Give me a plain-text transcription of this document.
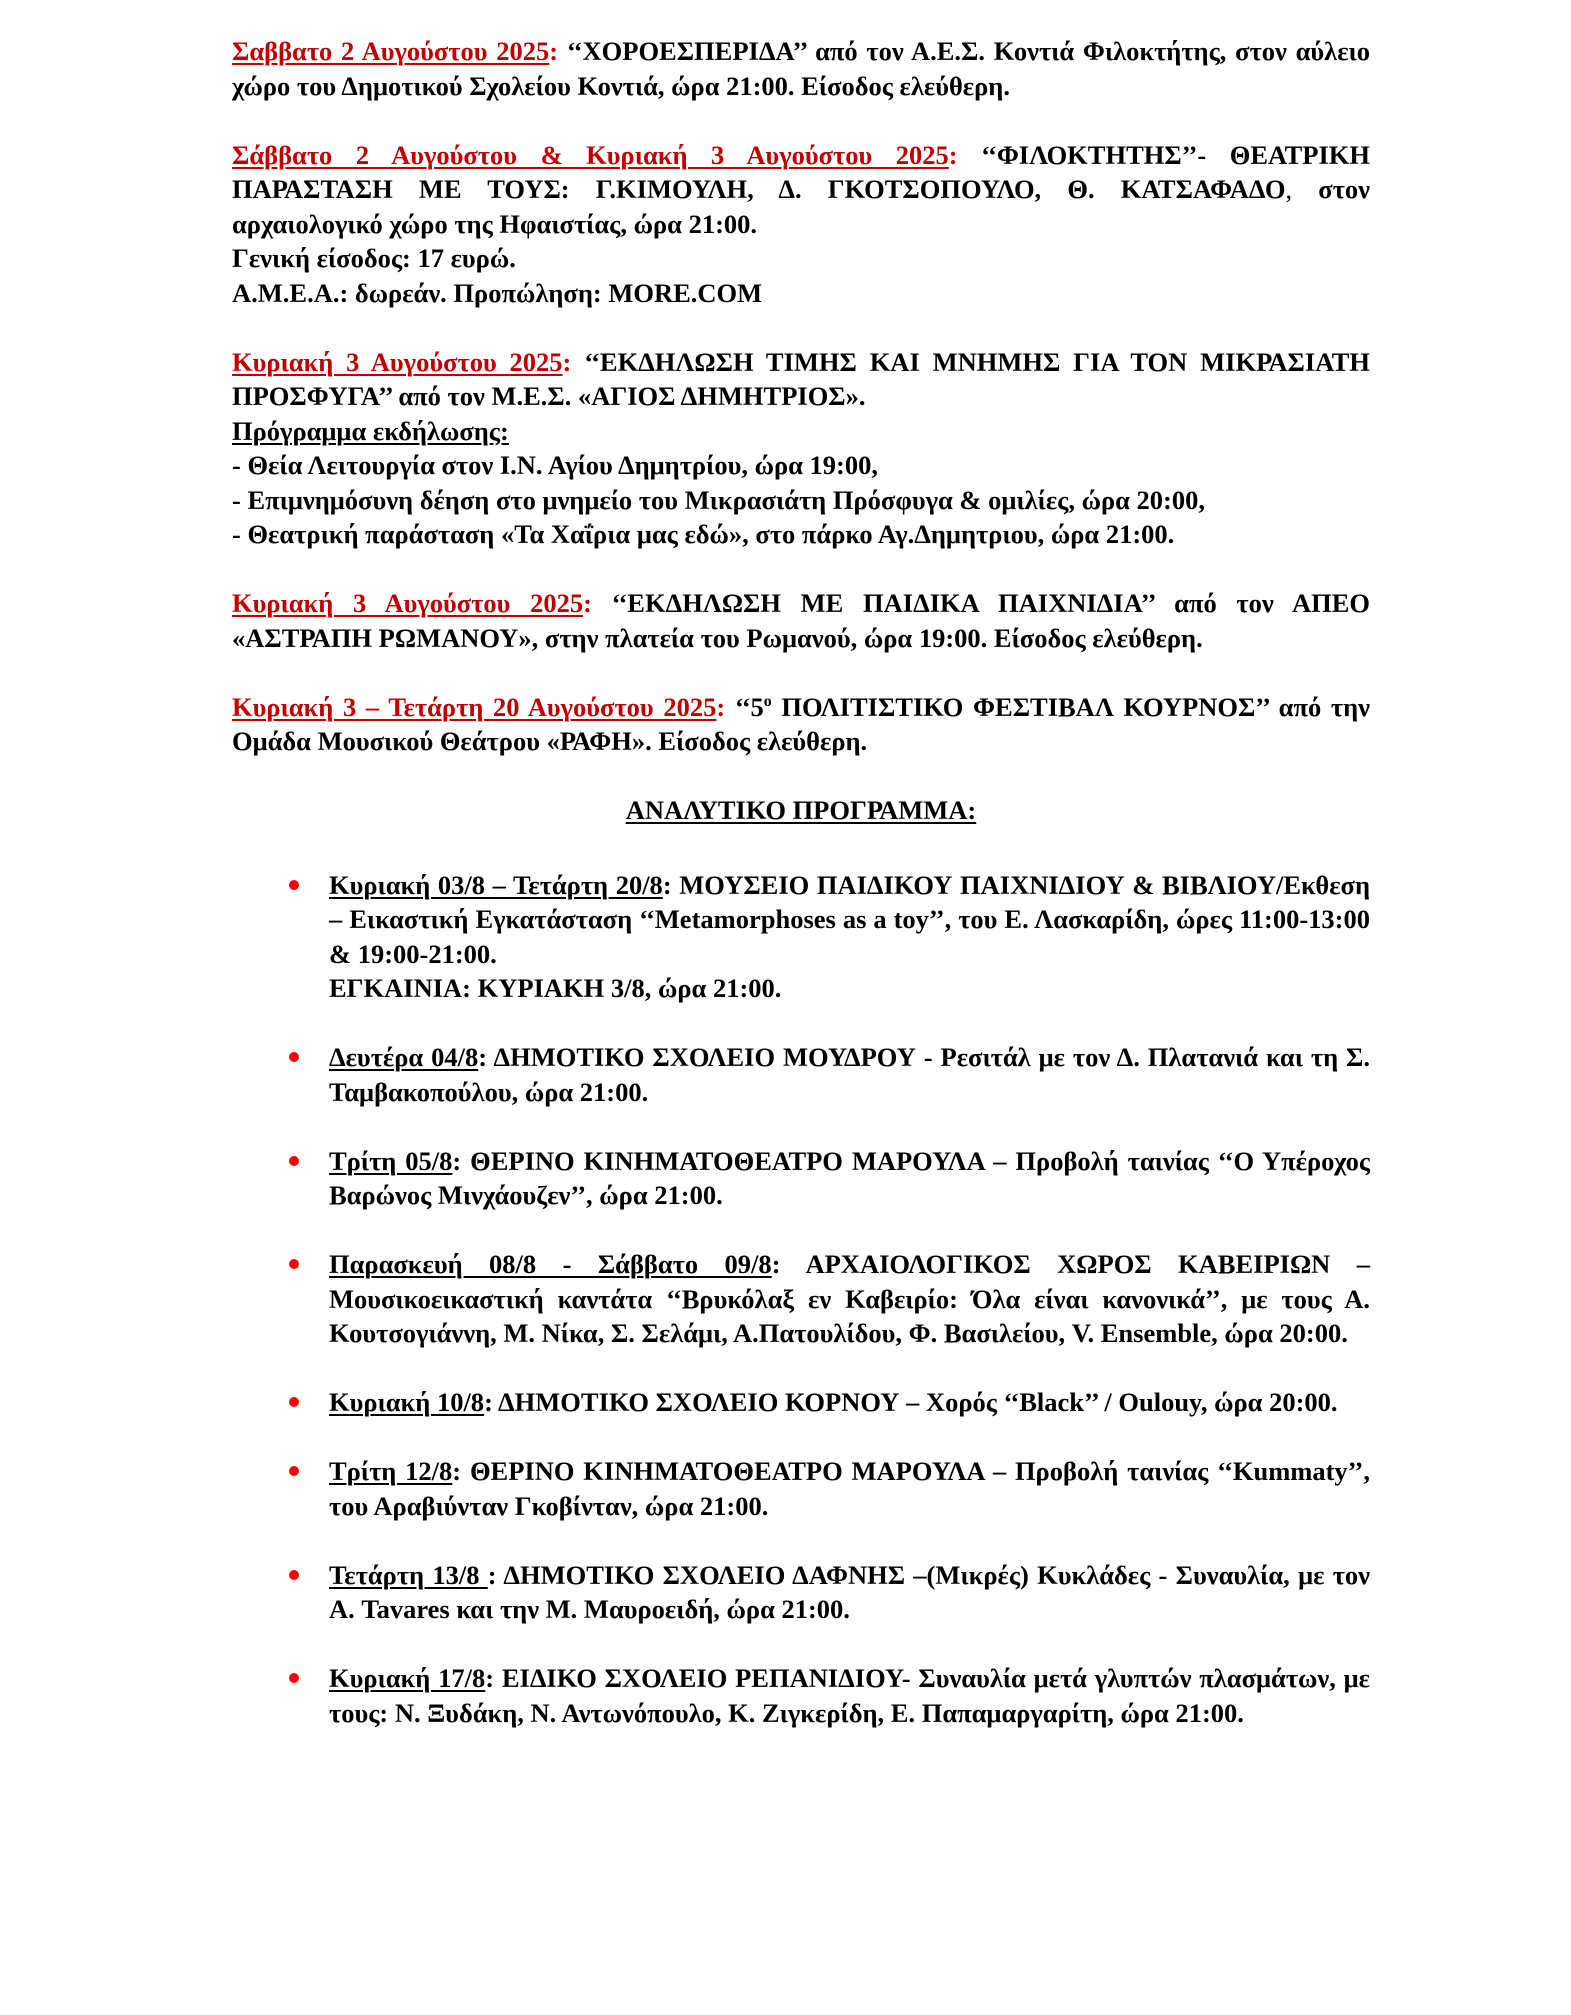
Σαββατο 2 Αυγούστου 2025: ‘‘ΧΟΡΟΕΣΠΕΡΙΔΑ’’ από τον Α.Ε.Σ. Κοντιά Φιλοκτήτης, στον αύλειο χώρο του Δημοτικού Σχολείου Κοντιά, ώρα 21:00. Είσοδος ελεύθερη.

Σάββατο 2 Αυγούστου & Κυριακή 3 Αυγούστου 2025: ‘‘ΦΙΛΟΚΤΗΤΗΣ’’- ΘΕΑΤΡΙΚΗ ΠΑΡΑΣΤΑΣΗ ΜΕ ΤΟΥΣ: Γ.ΚΙΜΟΥΛΗ, Δ. ΓΚΟΤΣΟΠΟΥΛΟ, Θ. ΚΑΤΣΑΦΑΔΟ, στον αρχαιολογικό χώρο της Ηφαιστίας, ώρα 21:00.

Γενική είσοδος: 17 ευρώ.

Α.Μ.Ε.Α.: δωρεάν. Προπώληση: MORE.COM

Κυριακή 3 Αυγούστου 2025: ‘‘ΕΚΔΗΛΩΣΗ ΤΙΜΗΣ ΚΑΙ ΜΝΗΜΗΣ ΓΙΑ ΤΟΝ ΜΙΚΡΑΣΙΑΤΗ ΠΡΟΣΦΥΓΑ’’ από τον Μ.Ε.Σ. «ΑΓΙΟΣ ΔΗΜΗΤΡΙΟΣ».

Πρόγραμμα εκδήλωσης:

- Θεία Λειτουργία στον Ι.Ν. Αγίου Δημητρίου, ώρα 19:00,

- Επιμνημόσυνη δέηση στο μνημείο του Μικρασιάτη Πρόσφυγα & ομιλίες, ώρα 20:00,

- Θεατρική παράσταση «Τα Χαΐρια μας εδώ», στο πάρκο Αγ.Δημητριου, ώρα 21:00.

Κυριακή 3 Αυγούστου 2025: ‘‘ΕΚΔΗΛΩΣΗ ΜΕ ΠΑΙΔΙΚΑ ΠΑΙΧΝΙΔΙΑ’’ από τον ΑΠΕΟ «ΑΣΤΡΑΠΗ ΡΩΜΑΝΟΥ», στην πλατεία του Ρωμανού, ώρα 19:00. Είσοδος ελεύθερη.
Κυριακή 3 – Τετάρτη 20 Αυγούστου 2025: ‘‘$5^o$ ΠΟΛΙΤΙΣΤΙΚΟ ΦΕΣΤΙΒΑΛ ΚΟΥΡΝΟΣ’’ από την Ομάδα Μουσικού Θεάτρου «ΡΑΦΗ». Είσοδος ελεύθερη.

ΑΝΑΛΥΤΙΚΟ ΠΡΟΓΡΑΜΜΑ:

Κυριακή 03/8 – Τετάρτη 20/8: ΜΟΥΣΕΙΟ ΠΑΙΔΙΚΟΥ ΠΑΙΧΝΙΔΙΟΥ & ΒΙΒΛΙΟΥ/Εκθεση – Εικαστική Εγκατάσταση ‘‘Metamorphoses as a toy’’, του Ε. Λασκαρίδη, ώρες 11:00-13:00 & 19:00-21:00.
ΕΓΚΑΙΝΙΑ: ΚΥΡΙΑΚΗ 3/8, ώρα 21:00.
Δευτέρα 04/8: ΔΗΜΟΤΙΚΟ ΣΧΟΛΕΙΟ ΜΟΥΔΡΟΥ - Ρεσιτάλ με τον Δ. Πλατανιά και τη Σ. Ταμβακοπούλου, ώρα 21:00.
Τρίτη 05/8: ΘΕΡΙΝΟ ΚΙΝΗΜΑΤΟΘΕΑΤΡΟ ΜΑΡΟΥΛΑ – Προβολή ταινίας ‘‘Ο Υπέροχος Βαρώνος Μινχάουζεν’’, ώρα 21:00.
Παρασκευή 08/8 - Σάββατο 09/8: ΑΡΧΑΙΟΛΟΓΙΚΟΣ ΧΩΡΟΣ ΚΑΒΕΙΡΙΩΝ – Μουσικοεικαστική καντάτα ‘‘Βρυκόλαξ εν Καβειρίο: Όλα είναι κανονικά’’, με τους Α. Κουτσογιάννη, Μ. Νίκα, Σ. Σελάμι, Α.Πατουλίδου, Φ. Βασιλείου, V. Ensemble, ώρα 20:00.
Κυριακή 10/8: ΔΗΜΟΤΙΚΟ ΣΧΟΛΕΙΟ ΚΟΡΝΟΥ – Χορός ‘‘Black’’ / Oulouy, ώρα 20:00.
Τρίτη 12/8: ΘΕΡΙΝΟ ΚΙΝΗΜΑΤΟΘΕΑΤΡΟ ΜΑΡΟΥΛΑ – Προβολή ταινίας ‘‘Kummaty’’, του Αραβιύνταν Γκοβίνταν, ώρα 21:00.
Τετάρτη 13/8 : ΔΗΜΟΤΙΚΟ ΣΧΟΛΕΙΟ ΔΑΦΝΗΣ –(Μικρές) Κυκλάδες - Συναυλία, με τον Α. Tavares και την Μ. Μαυροειδή, ώρα 21:00.
Κυριακή 17/8: ΕΙΔΙΚΟ ΣΧΟΛΕΙΟ ΡΕΠΑΝΙΔΙΟΥ- Συναυλία μετά γλυπτών πλασμάτων, με τους: Ν. Ξυδάκη, Ν. Αντωνόπουλο, Κ. Ζιγκερίδη, Ε. Παπαμαργαρίτη, ώρα 21:00.
